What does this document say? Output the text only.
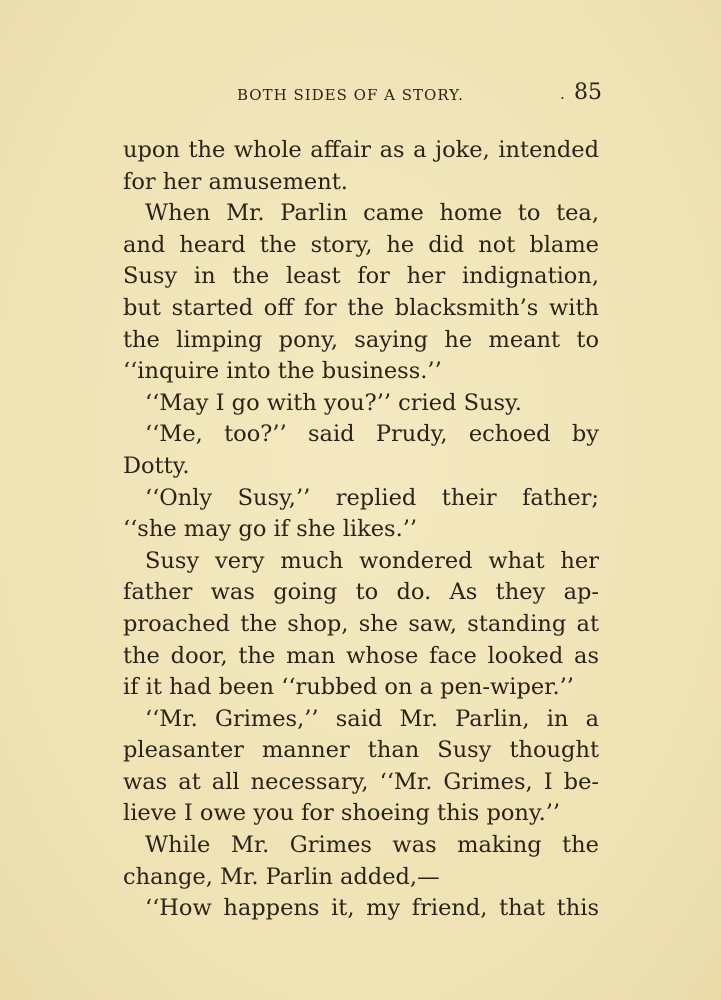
BOTH SIDES OF A STORY.	· 85
upon the whole affair as a joke, intended
for her amusement.
When Mr. Parlin came home to tea,
and heard the story, he did not blame
Susy in the least for her indignation,
but started off for the blacksmith’s with
the limping pony, saying he meant to
‘‘inquire into the business.’’
‘‘May I go with you?’’ cried Susy.
‘‘Me, too?’’ said Prudy, echoed by
Dotty.
‘‘Only Susy,’’ replied their father;
‘‘she may go if she likes.’’
Susy very much wondered what her
father was going to do. As they ap-
proached the shop, she saw, standing at
the door, the man whose face looked as
if it had been ‘‘rubbed on a pen-wiper.’’
‘‘Mr. Grimes,’’ said Mr. Parlin, in a
pleasanter manner than Susy thought
was at all necessary, ‘‘Mr. Grimes, I be-
lieve I owe you for shoeing this pony.’’
While Mr. Grimes was making the
change, Mr. Parlin added,—
‘‘How happens it, my friend, that this
